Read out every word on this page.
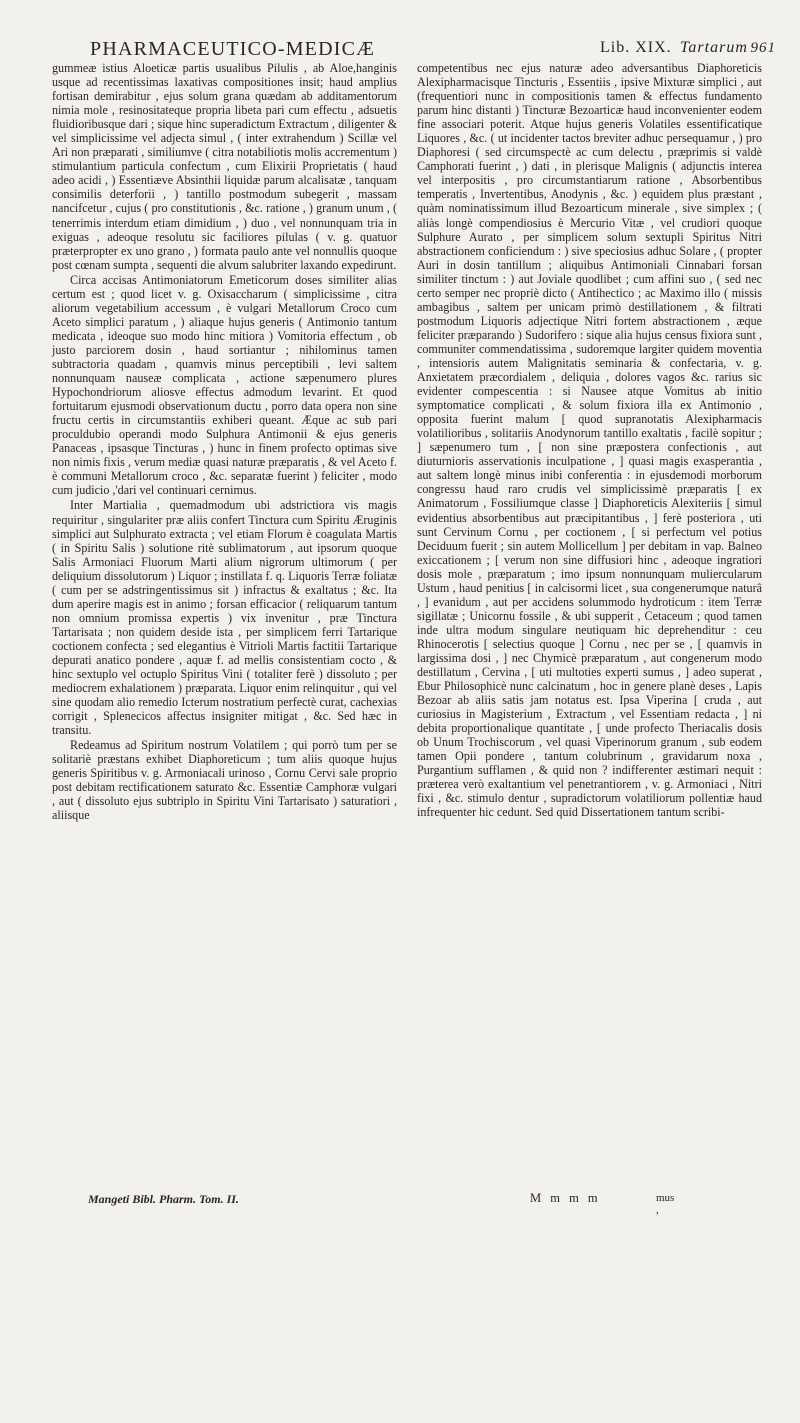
PHARMACEUTICO-MEDICÆ	Lib. XIX. Tartarum 961

gummeæ istius Aloeticæ partis usualibus Pilulis , ab Aloe,hanginis usque ad recentissimas laxativas compositiones insit; haud amplius fortisan demirabitur , ejus solum grana quædam ab additamentorum nimia mole , resinositateque propria libeta pari cum effectu , adsuetis fluidioribusque dari ; sique hinc superadictum Extractum , diligenter & vel simplicissime vel adjecta simul , ( inter extrahendum ) Scillæ vel Ari non præparati , similiumve ( citra notabiliotis molis accrementum ) stimulantium particula confectum , cum Elixirii Proprietatis ( haud adeo acidi , ) Essentiæve Absinthii liquidæ parum alcalisatæ , tanquam consimilis deterforii , ) tantillo postmodum subegerit , massam nancifcetur , cujus ( pro constitutionis , &c. ratione , ) granum unum , ( tenerrimis interdum etiam dimidium , ) duo , vel nonnunquam tria in exiguas , adeoque resolutu sic faciliores pilulas ( v. g. quatuor præterpropter ex uno grano , ) formata paulo ante vel nonnullis quoque post cœnam sumpta , sequenti die alvum salubriter laxando expedirunt.

Circa accisas Antimoniatorum Emeticorum doses similiter alias certum est ; quod licet v. g. Oxisaccharum ( simplicissime , citra aliorum vegetabilium accessum , è vulgari Metallorum Croco cum Aceto simplici paratum , ) aliaque hujus generis ( Antimonio tantum medicata , ideoque suo modo hinc mitiora ) Vomitoria effectum , ob justo parciorem dosin , haud sortiantur ; nihilominus tamen subtractoria quadam , quamvis minus perceptibili , levi saltem nonnunquam nauseæ complicata , actione sæpenumero plures Hypochondriorum aliosve effectus admodum levarint. Et quod fortuitarum ejusmodi observationum ductu , porro data opera non sine fructu certis in circumstantiis exhiberi queant. Æque ac sub pari proculdubio operandi modo Sulphura Antimonii & ejus generis Panaceas , ipsasque Tincturas , ) hunc in finem profecto optimas sive non nimis fixis , verum mediæ quasi naturæ præparatis , & vel Aceto f. è communi Metallorum croco , &c. separatæ fuerint ) feliciter , modo cum judicio ,'dari vel continuari cernimus.

Inter Martialia , quemadmodum ubi adstrictiora vis magis requiritur , singulariter præ aliis confert Tinctura cum Spiritu Æruginis simplici aut Sulphurato extracta ; vel etiam Florum è coagulata Martis ( in Spiritu Salis ) solutione ritè sublimatorum , aut ipsorum quoque Salis Armoniaci Fluorum Marti alium nigrorum ultimorum ( per deliquium dissolutorum ) Liquor ; instillata f. q. Liquoris Terræ foliatæ ( cum per se adstringentissimus sit ) infractus & exaltatus ; &c. Ita dum aperire magis est in animo ; forsan efficacior ( reliquarum tantum non omnium promissa expertis ) vix invenitur , præ Tinctura Tartarisata ; non quidem deside ista , per simplicem ferri Tartarique coctionem confecta ; sed elegantius è Vitrioli Martis factitii Tartarique depurati anatico pondere , aquæ f. ad mellis consistentiam cocto , & hinc sextuplo vel octuplo Spiritus Vini ( totaliter ferè ) dissoluto ; per mediocrem exhalationem ) præparata. Liquor enim relinquitur , qui vel sine quodam alio remedio Icterum nostratium perfectè curat, cachexias corrigit , Splenecicos affectus insigniter mitigat , &c. Sed hæc in transitu.

Redeamus ad Spiritum nostrum Volatilem ; qui porrò tum per se solitariè præstans exhibet Diaphoreticum ; tum aliis quoque hujus generis Spiritibus v. g. Armoniacali urinoso , Cornu Cervi sale proprio post debitam rectificationem saturato &c. Essentiæ Camphoræ vulgari , aut ( dissoluto ejus subtriplo in Spiritu Vini Tartarisato ) saturatiori , aliisque

competentibus nec ejus naturæ adeo adversantibus Diaphoreticis Alexipharmacisque Tincturis , Essentiis , ipsive Mixturæ simplici , aut (frequentiori nunc in compositionis tamen & effectus fundamento parum hinc distanti ) Tincturæ Bezoarticæ haud inconvenienter eodem fine associari poterit. Atque hujus generis Volatiles essentificatique Liquores , &c. ( ut incidenter tactos breviter adhuc persequamur , ) pro Diaphoresi ( sed circumspectè ac cum delectu , præprimis si valdè Camphorati fuerint , ) dati , in plerisque Malignis ( adjunctis interea vel interpositis , pro circumstantiarum ratione , Absorbentibus temperatis , Invertentibus, Anodynis , &c. ) equidem plus præstant , quàm nominatissimum illud Bezoarticum minerale , sive simplex ; ( aliàs longè compendiosius è Mercurio Vitæ , vel crudiori quoque Sulphure Aurato , per simplicem solum sextupli Spiritus Nitri abstractionem conficiendum : ) sive speciosius adhuc Solare , ( propter Auri in dosin tantillum ; aliquibus Antimoniali Cinnabari forsan similiter tinctum : ) aut Joviale quodlibet ; cum affini suo , ( sed nec certo semper nec propriè dicto ( Antihectico ; ac Maximo illo ( missis ambagibus , saltem per unicam primò destillationem , & filtrati postmodum Liquoris adjectique Nitri fortem abstractionem , æque feliciter præparando ) Sudorifero : sique alia hujus census fixiora sunt , communiter commendatissima , sudoremque largiter quidem moventia , intensioris autem Malignitatis seminaria & confectaria, v. g. Anxietatem præcordialem , deliquia , dolores vagos &c. rarius sic evidenter compescentia : si Nausee atque Vomitus ab initio symptomatice complicati , & solum fixiora illa ex Antimonio , opposita fuerint malum [ quod supranotatis Alexipharmacis volatilioribus , solitariis Anodynorum tantillo exaltatis , facilè sopitur ; ] sæpenumero tum , [ non sine præpostera confectionis , aut diuturnioris asservationis inculpatione , ] quasi magis exasperantia , aut saltem longè minus inibi conferentia : in ejusdemodi morborum congressu haud raro crudis vel simplicissimè præparatis [ ex Animatorum , Fossiliumque classe ] Diaphoreticis Alexiteriis [ simul evidentius absorbentibus aut præcipitantibus , ] ferè posteriora , uti sunt Cervinum Cornu , per coctionem , [ si perfectum vel potius Deciduum fuerit ; sin autem Mollicellum ] per debitam in vap. Balneo exiccationem ; [ verum non sine diffusiori hinc , adeoque ingratiori dosis mole , præparatum ; imo ipsum nonnunquam muliercularum Ustum , haud penitius [ in calcisormi licet , sua congenerumque naturâ , ] evanidum , aut per accidens solummodo hydroticum : item Terræ sigillatæ ; Unicornu fossile , & ubi supperit , Cetaceum ; quod tamen inde ultra modum singulare neutiquam hic deprehenditur : ceu Rhinocerotis [ selectius quoque ] Cornu , nec per se , [ quamvis in largissima dosi , ] nec Chymicè præparatum , aut congenerum modo destillatum , Cervina , [ uti multoties experti sumus , ] adeo superat , Ebur Philosophicè nunc calcinatum , hoc in genere planè deses , Lapis Bezoar ab aliis satis jam notatus est. Ipsa Viperina [ cruda , aut curiosius in Magisterium , Extractum , vel Essentiam redacta , ] ni debita proportionalique quantitate , [ unde profecto Theriacalis dosis ob Unum Trochiscorum , vel quasi Viperinorum granum , sub eodem tamen Opii pondere , tantum colubrinum , gravidarum noxa , Purgantium sufflamen , & quid non ? indifferenter æstimari nequit : præterea verò exaltantium vel penetrantiorem , v. g. Armoniaci , Nitri fixi , &c. stimulo dentur , supradictorum volatiliorum pollentiæ haud infrequenter hic cedunt. Sed quid Dissertationem tantum scribi-

Mangeti Bibl. Pharm. Tom. II.	M m m m	mus ,
